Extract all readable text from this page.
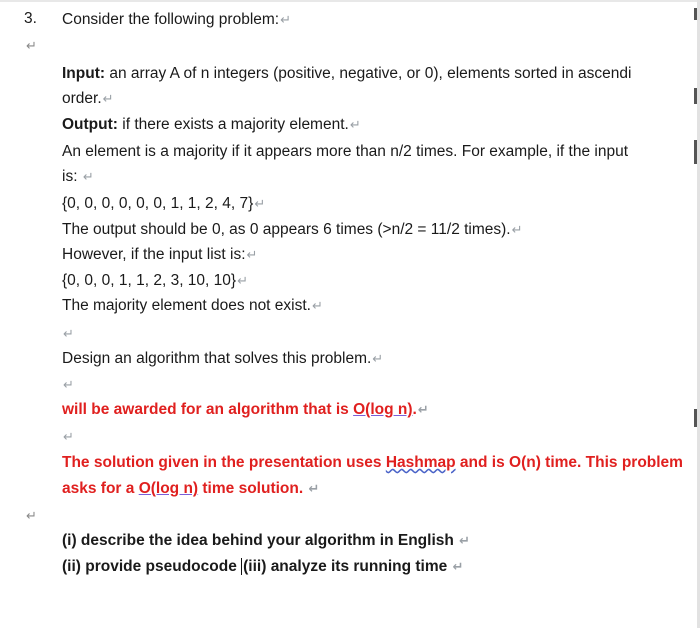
3. Consider the following problem:↵
↵
↵
Input: an array A of n integers (positive, negative, or 0), elements sorted in ascendi
order.↵
Output: if there exists a majority element.↵
An element is a majority if it appears more than n/2 times. For example, if the input
is: ↵
{0, 0, 0, 0, 0, 0, 1, 1, 2, 4, 7}↵
The output should be 0, as 0 appears 6 times (>n/2 = 11/2 times).↵
However, if the input list is:↵
{0, 0, 0, 1, 1, 2, 3, 10, 10}↵
The majority element does not exist.↵
↵
Design an algorithm that solves this problem.↵
↵
will be awarded for an algorithm that is O(log n).↵
↵
The solution given in the presentation uses Hashmap and is O(n) time. This problem
asks for a O(log n) time solution. ↵
(i) describe the idea behind your algorithm in English ↵
(ii) provide pseudocode (iii) analyze its running time ↵
